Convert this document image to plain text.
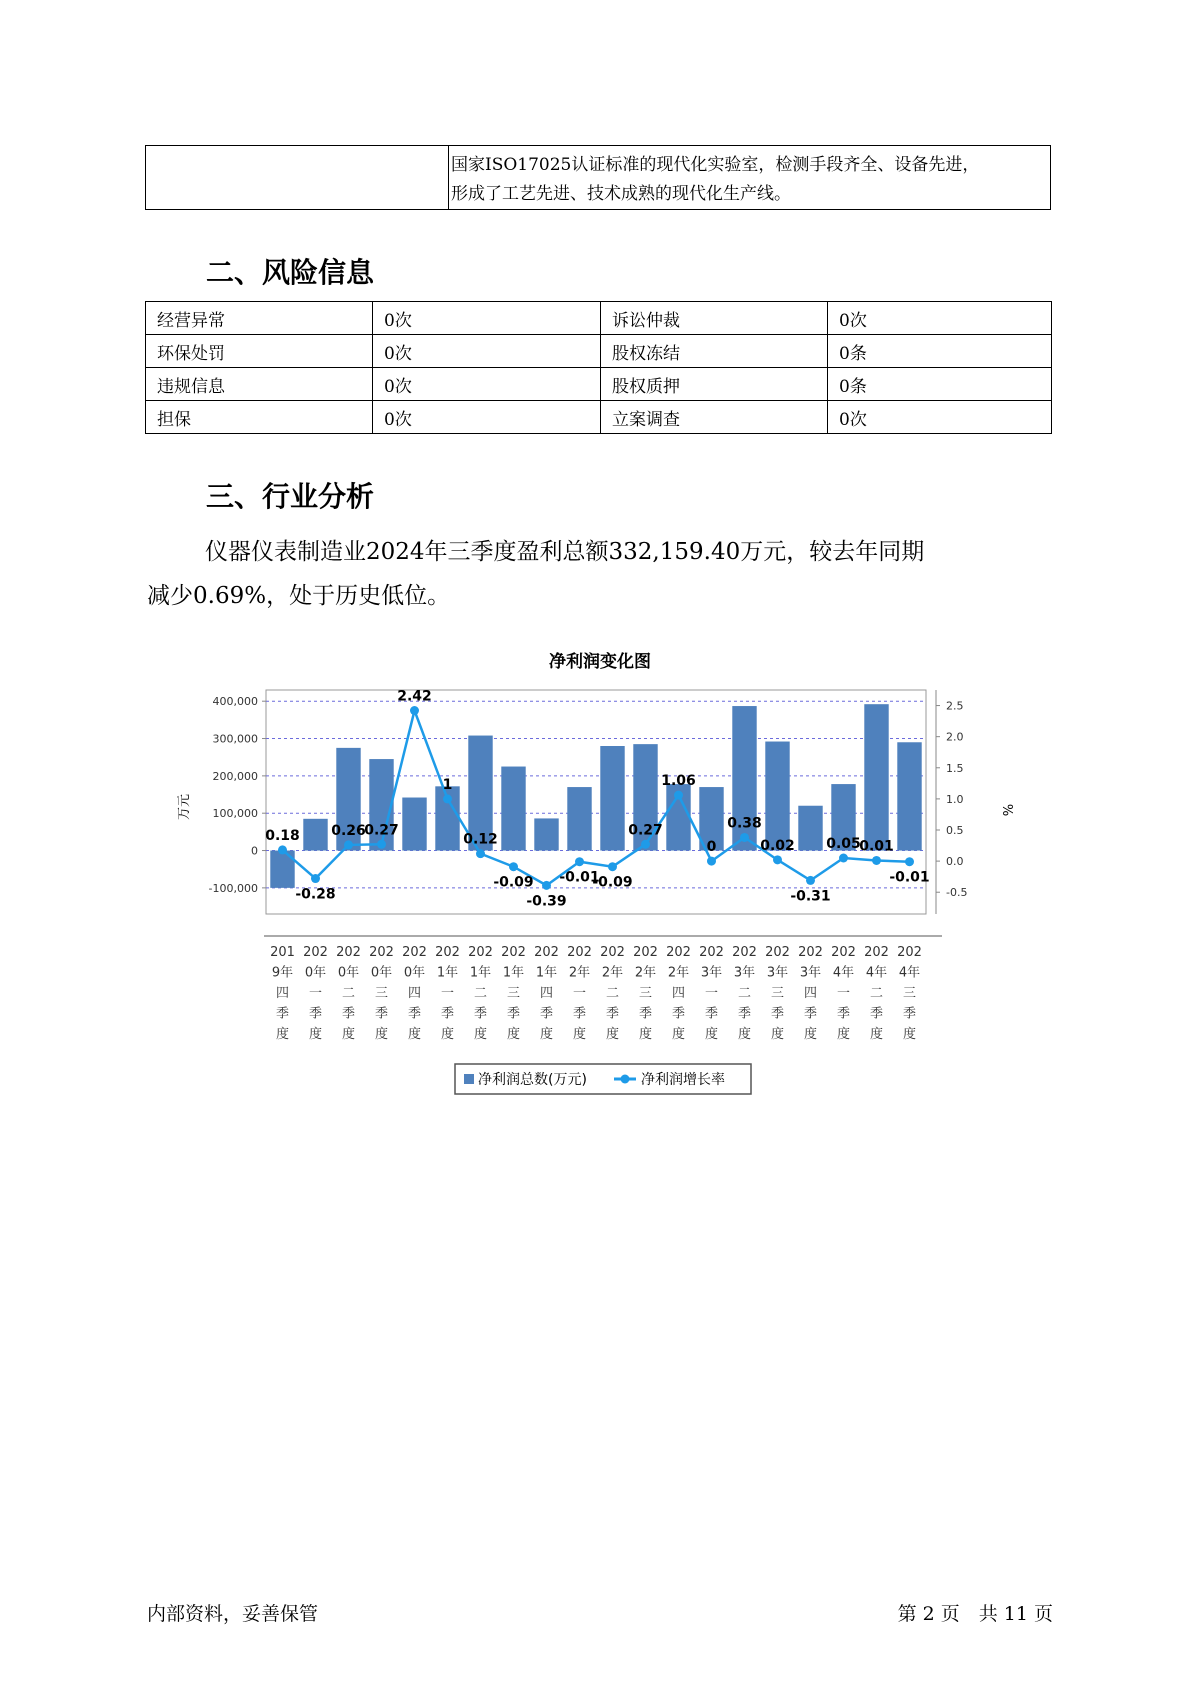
国家ISO17025认证标准的现代化实验室，检测手段齐全、设备先进，
形成了工艺先进、技术成熟的现代化生产线。
二、风险信息
经营异常	0次	诉讼仲裁	0次
环保处罚	0次	股权冻结	0条
违规信息	0次	股权质押	0条
担保	0次	立案调查	0次
三、行业分析
仪器仪表制造业2024年三季度盈利总额332,159.40万元，较去年同期
减少0.69%，处于历史低位。
净利润变化图
0.18
-0.28
0.26
0.27
2.42
1
0.12
-0.09
-0.39
-0.01
-0.09
0.27
1.06
0
0.38
0.02
-0.31
0.05
0.01
-0.01
-100,000
0
100,000
200,000
300,000
400,000
-0.5
0.0
0.5
1.0
1.5
2.0
2.5
万元	%
201
9年
四
季
度
202
0年
一
季
度
202
0年
二
季
度
202
0年
三
季
度
202
0年
四
季
度
202
1年
一
季
度
202
1年
二
季
度
202
1年
三
季
度
202
1年
四
季
度
202
2年
一
季
度
202
2年
二
季
度
202
2年
三
季
度
202
2年
四
季
度
202
3年
一
季
度
202
3年
二
季
度
202
3年
三
季
度
202
3年
四
季
度
202
4年
一
季
度
202
4年
二
季
度
202
4年
三
季
度
净利润总数(万元)	净利润增长率
内部资料，妥善保管	第 2 页　共 11 页
